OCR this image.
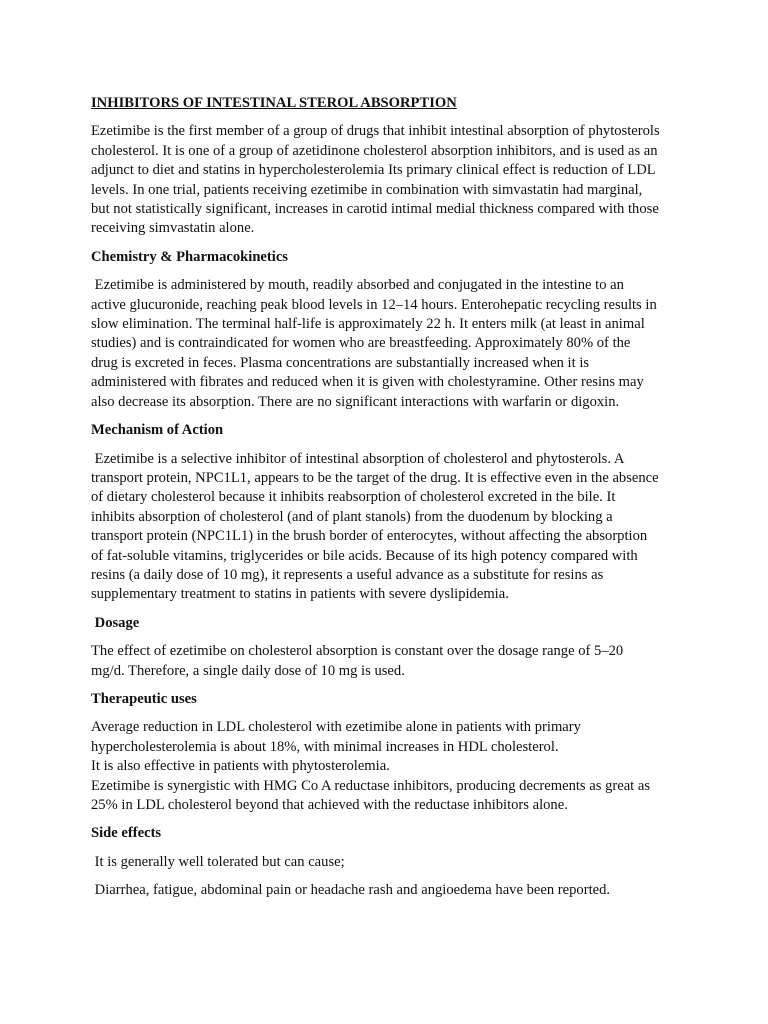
INHIBITORS OF INTESTINAL STEROL ABSORPTION
Ezetimibe is the first member of a group of drugs that inhibit intestinal absorption of phytosterols
cholesterol. It is one of a group of azetidinone cholesterol absorption inhibitors, and is used as an
adjunct to diet and statins in hypercholesterolemia Its primary clinical effect is reduction of LDL
levels. In one trial, patients receiving ezetimibe in combination with simvastatin had marginal,
but not statistically significant, increases in carotid intimal medial thickness compared with those
receiving simvastatin alone.
Chemistry & Pharmacokinetics
Ezetimibe is administered by mouth, readily absorbed and conjugated in the intestine to an
active glucuronide, reaching peak blood levels in 12–14 hours. Enterohepatic recycling results in
slow elimination. The terminal half-life is approximately 22 h. It enters milk (at least in animal
studies) and is contraindicated for women who are breastfeeding. Approximately 80% of the
drug is excreted in feces. Plasma concentrations are substantially increased when it is
administered with fibrates and reduced when it is given with cholestyramine. Other resins may
also decrease its absorption. There are no significant interactions with warfarin or digoxin.
Mechanism of Action
Ezetimibe is a selective inhibitor of intestinal absorption of cholesterol and phytosterols. A
transport protein, NPC1L1, appears to be the target of the drug. It is effective even in the absence
of dietary cholesterol because it inhibits reabsorption of cholesterol excreted in the bile. It
inhibits absorption of cholesterol (and of plant stanols) from the duodenum by blocking a
transport protein (NPC1L1) in the brush border of enterocytes, without affecting the absorption
of fat-soluble vitamins, triglycerides or bile acids. Because of its high potency compared with
resins (a daily dose of 10 mg), it represents a useful advance as a substitute for resins as
supplementary treatment to statins in patients with severe dyslipidemia.
Dosage
The effect of ezetimibe on cholesterol absorption is constant over the dosage range of 5–20
mg/d. Therefore, a single daily dose of 10 mg is used.
Therapeutic uses
Average reduction in LDL cholesterol with ezetimibe alone in patients with primary
hypercholesterolemia is about 18%, with minimal increases in HDL cholesterol.
It is also effective in patients with phytosterolemia.
Ezetimibe is synergistic with HMG Co A reductase inhibitors, producing decrements as great as
25% in LDL cholesterol beyond that achieved with the reductase inhibitors alone.
Side effects
It is generally well tolerated but can cause;
Diarrhea, fatigue, abdominal pain or headache rash and angioedema have been reported.
